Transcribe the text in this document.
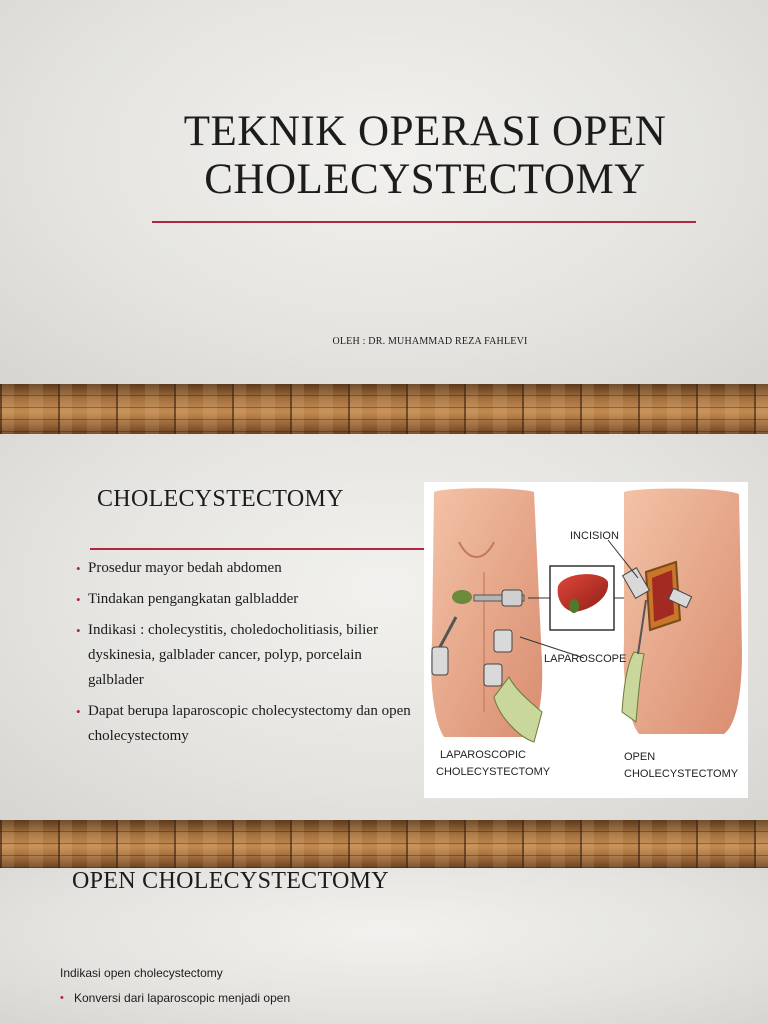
TEKNIK OPERASI OPEN CHOLECYSTECTOMY
OLEH : DR. MUHAMMAD REZA FAHLEVI
CHOLECYSTECTOMY
• Prosedur mayor bedah abdomen
• Tindakan pengangkatan galbladder
• Indikasi : cholecystitis, choledocholitiasis, bilier dyskinesia, galblader cancer, polyp, porcelain galblader
• Dapat berupa laparoscopic cholecystectomy dan open cholecystectomy
INCISION
LAPAROSCOPE
LAPAROSCOPIC
CHOLECYSTECTOMY
OPEN
CHOLECYSTECTOMY
OPEN CHOLECYSTECTOMY
Indikasi open cholecystectomy
• Konversi dari laparoscopic menjadi open
